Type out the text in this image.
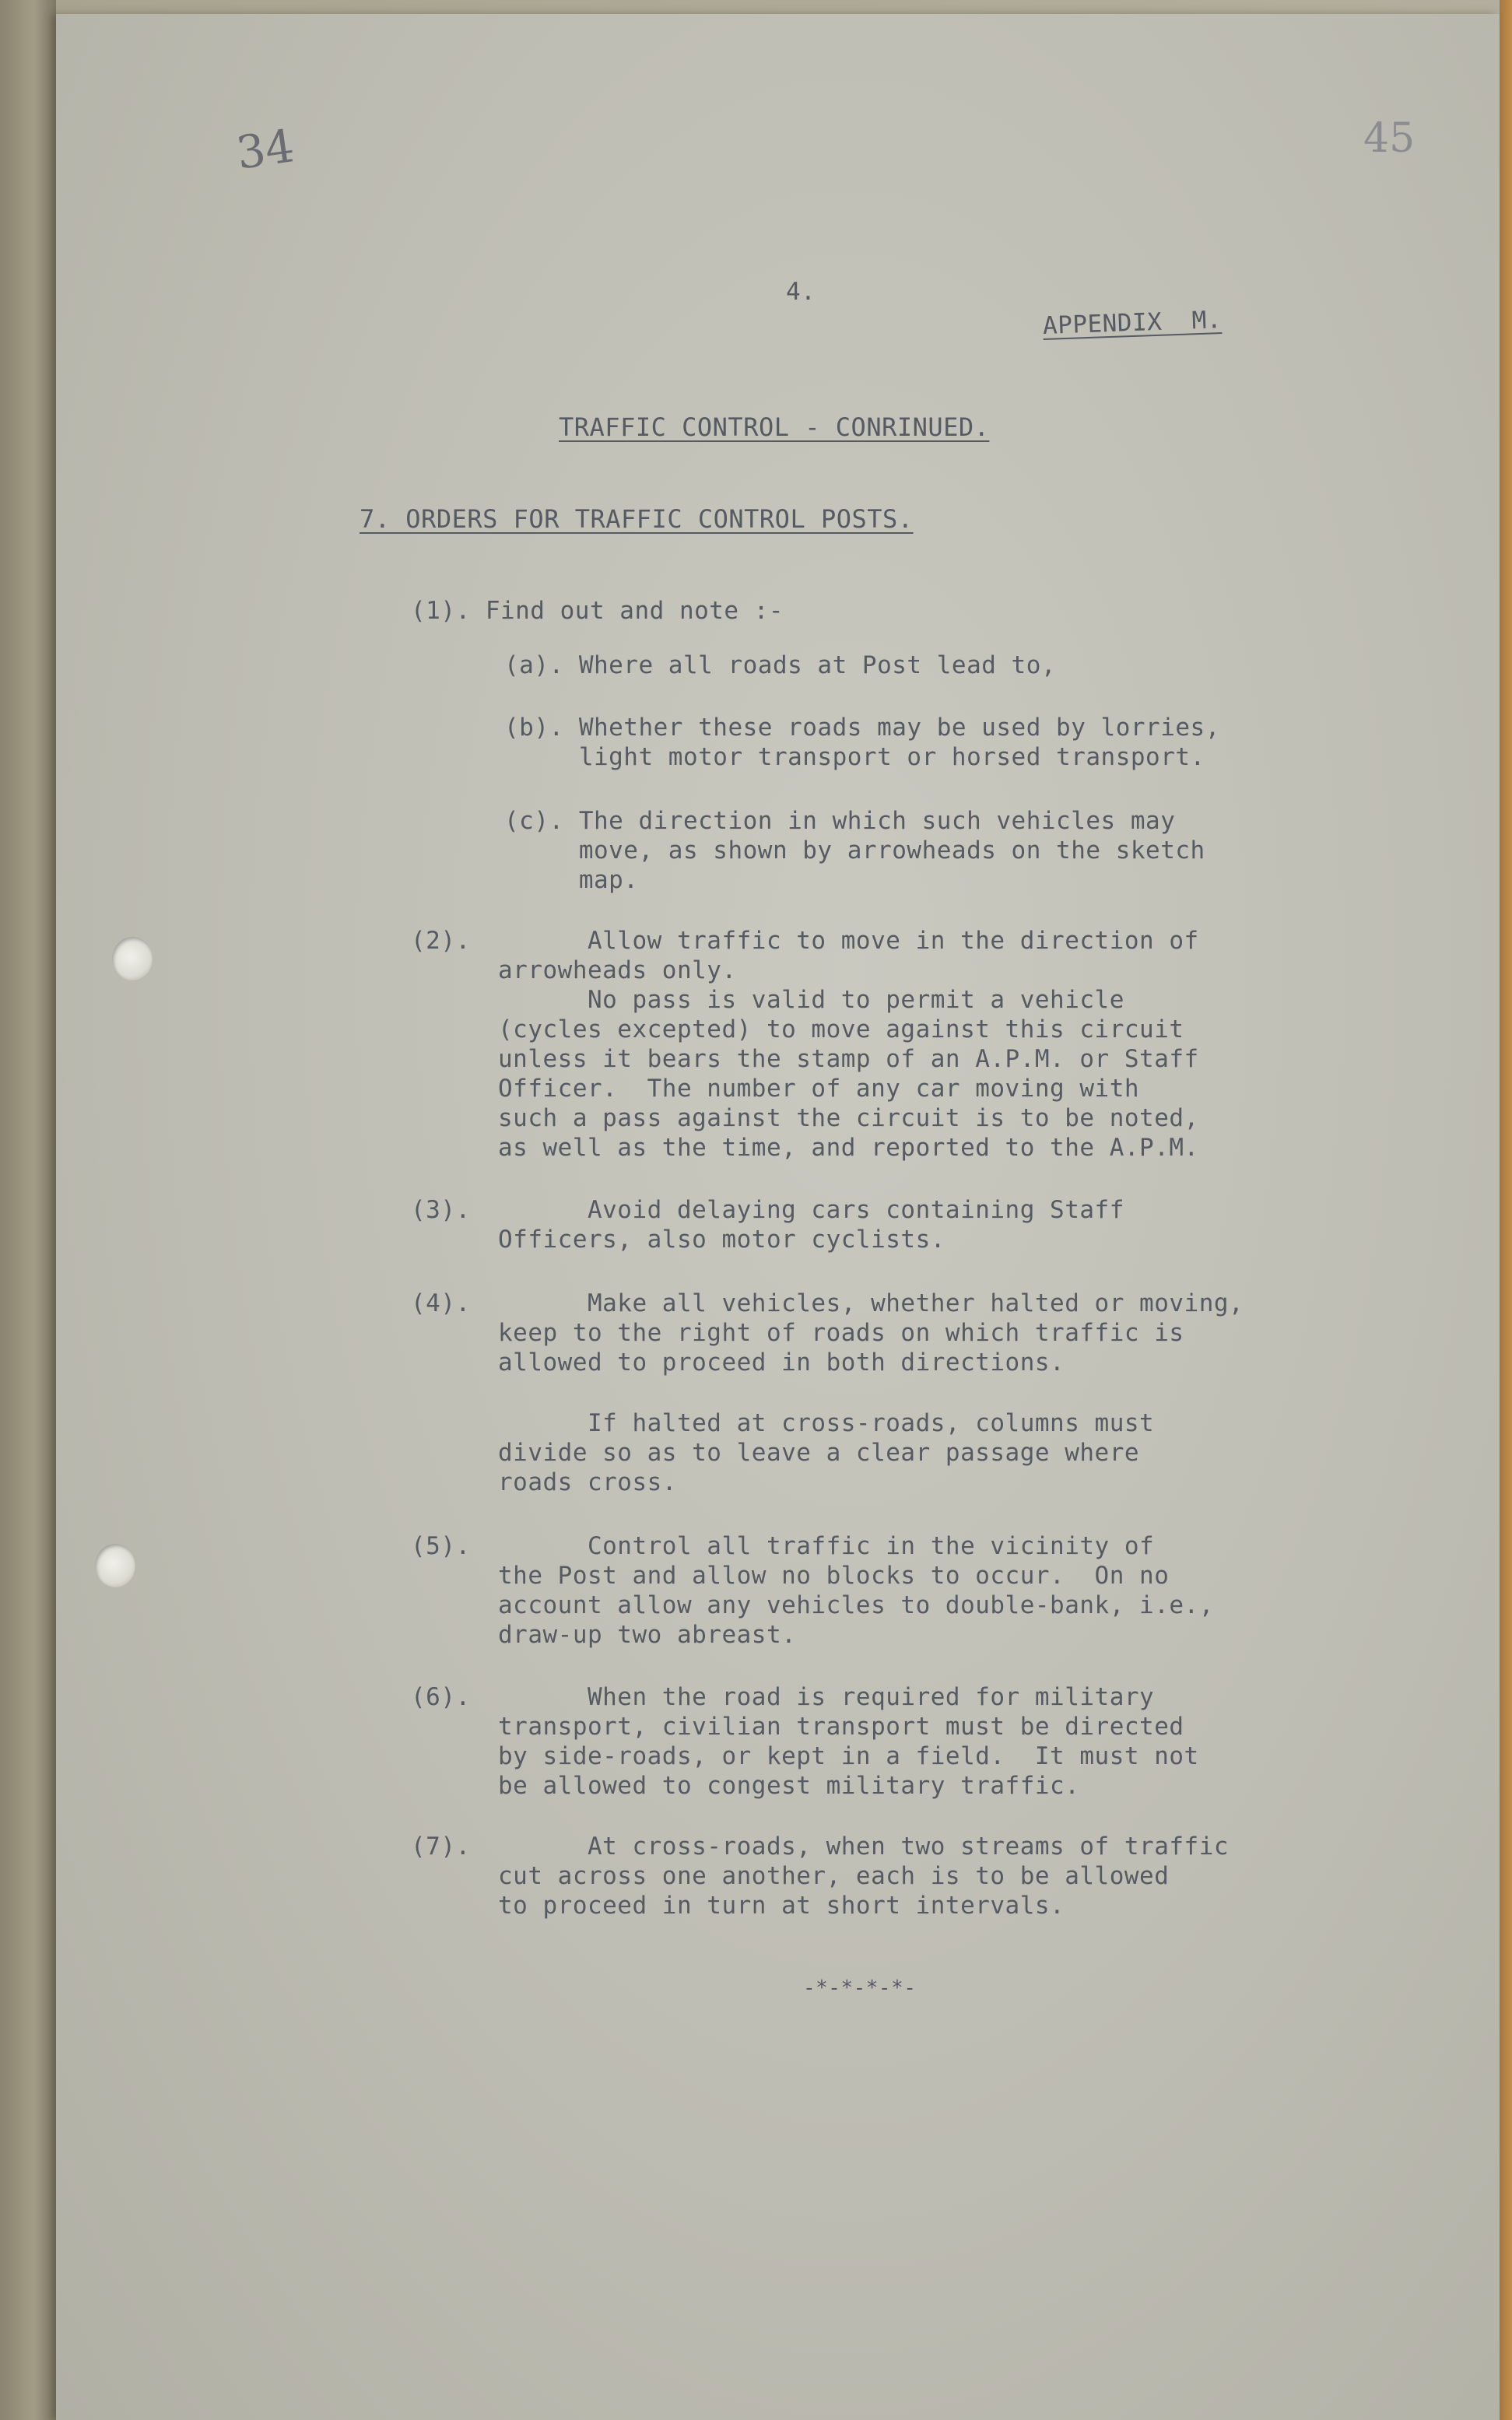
34	45
4.
APPENDIX  M.
TRAFFIC CONTROL - CONRINUED.
7. ORDERS FOR TRAFFIC CONTROL POSTS.
(1). Find out and note :-
(a). Where all roads at Post lead to,
(b). Whether these roads may be used by lorries,
light motor transport or horsed transport.
(c). The direction in which such vehicles may
move, as shown by arrowheads on the sketch
map.
(2).	Allow traffic to move in the direction of
arrowheads only.
No pass is valid to permit a vehicle
(cycles excepted) to move against this circuit
unless it bears the stamp of an A.P.M. or Staff
Officer.  The number of any car moving with
such a pass against the circuit is to be noted,
as well as the time, and reported to the A.P.M.
(3).	Avoid delaying cars containing Staff
Officers, also motor cyclists.
(4).	Make all vehicles, whether halted or moving,
keep to the right of roads on which traffic is
allowed to proceed in both directions.
If halted at cross-roads, columns must
divide so as to leave a clear passage where
roads cross.
(5).	Control all traffic in the vicinity of
the Post and allow no blocks to occur.  On no
account allow any vehicles to double-bank, i.e.,
draw-up two abreast.
(6).	When the road is required for military
transport, civilian transport must be directed
by side-roads, or kept in a field.  It must not
be allowed to congest military traffic.
(7).	At cross-roads, when two streams of traffic
cut across one another, each is to be allowed
to proceed in turn at short intervals.
-*-*-*-*-
